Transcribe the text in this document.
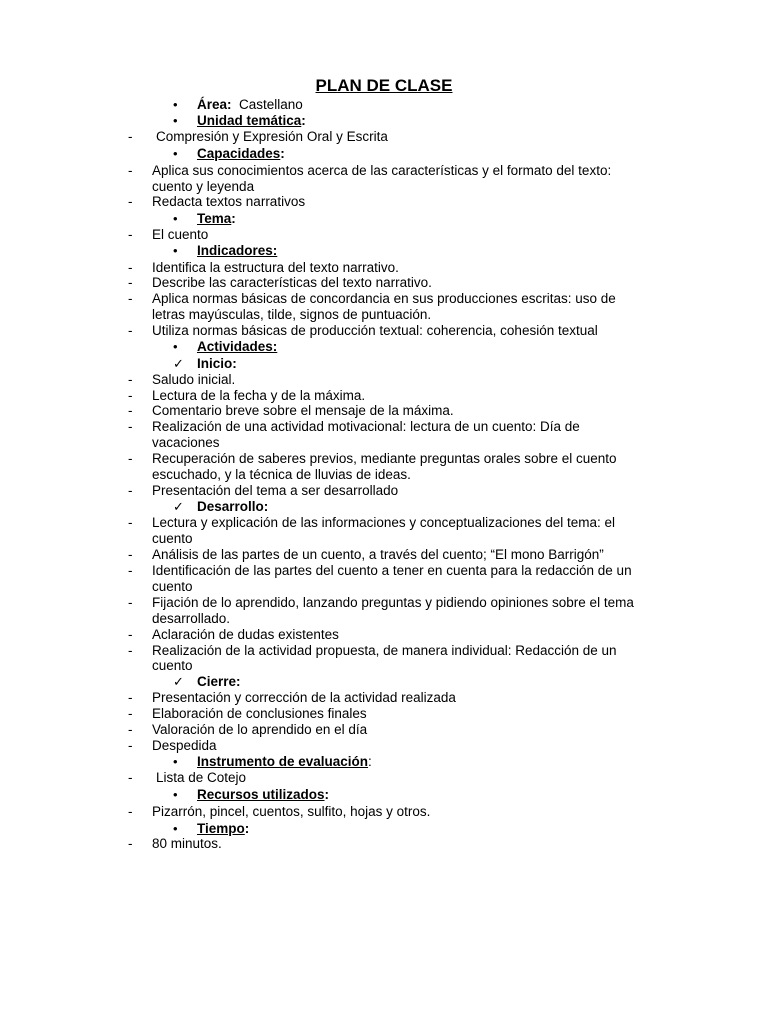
PLAN DE CLASE
• Área: Castellano
• Unidad temática:
- Compresión y Expresión Oral y Escrita
• Capacidades:
- Aplica sus conocimientos acerca de las características y el formato del texto:
cuento y leyenda
- Redacta textos narrativos
• Tema:
- El cuento
• Indicadores:
- Identifica la estructura del texto narrativo.
- Describe las características del texto narrativo.
- Aplica normas básicas de concordancia en sus producciones escritas: uso de
letras mayúsculas, tilde, signos de puntuación.
- Utiliza normas básicas de producción textual: coherencia, cohesión textual
• Actividades:
✓ Inicio:
- Saludo inicial.
- Lectura de la fecha y de la máxima.
- Comentario breve sobre el mensaje de la máxima.
- Realización de una actividad motivacional: lectura de un cuento: Día de
vacaciones
- Recuperación de saberes previos, mediante preguntas orales sobre el cuento
escuchado, y la técnica de lluvias de ideas.
- Presentación del tema a ser desarrollado
✓ Desarrollo:
- Lectura y explicación de las informaciones y conceptualizaciones del tema: el
cuento
- Análisis de las partes de un cuento, a través del cuento; “El mono Barrigón”
- Identificación de las partes del cuento a tener en cuenta para la redacción de un
cuento
- Fijación de lo aprendido, lanzando preguntas y pidiendo opiniones sobre el tema
desarrollado.
- Aclaración de dudas existentes
- Realización de la actividad propuesta, de manera individual: Redacción de un
cuento
✓ Cierre:
- Presentación y corrección de la actividad realizada
- Elaboración de conclusiones finales
- Valoración de lo aprendido en el día
- Despedida
• Instrumento de evaluación:
- Lista de Cotejo
• Recursos utilizados:
- Pizarrón, pincel, cuentos, sulfito, hojas y otros.
• Tiempo:
- 80 minutos.
